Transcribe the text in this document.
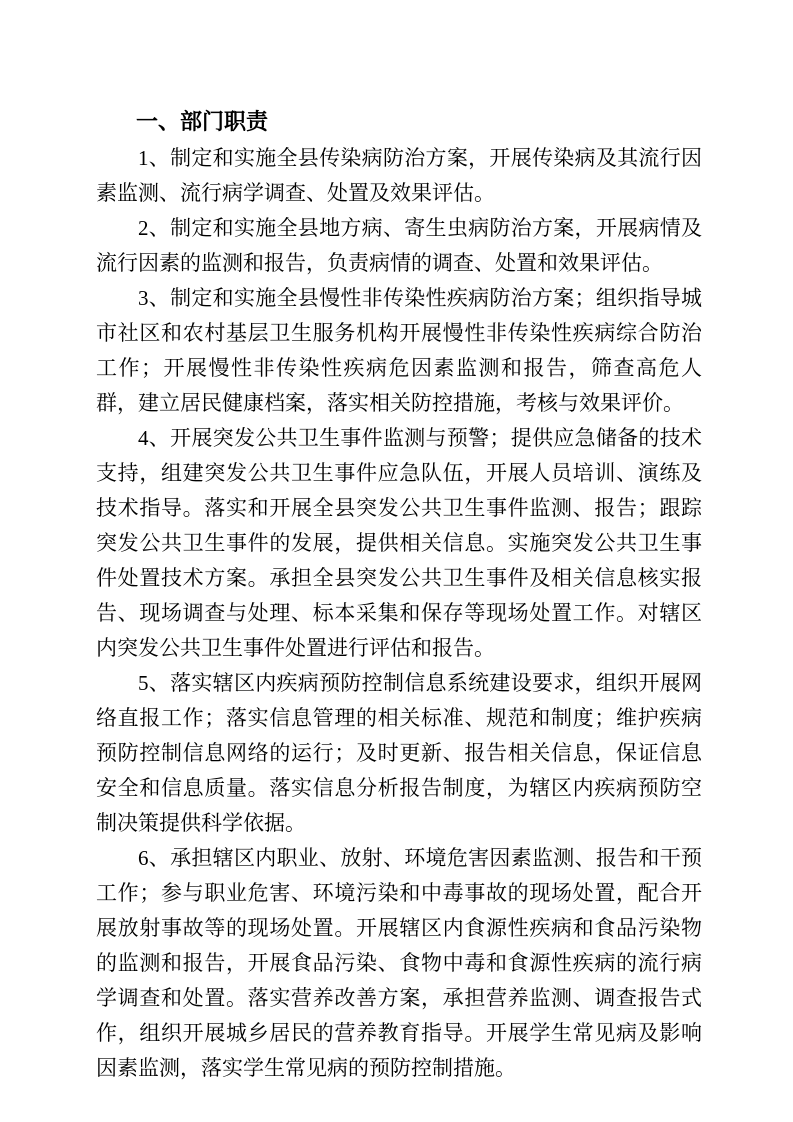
一、部门职责

1、制定和实施全县传染病防治方案，开展传染病及其流行因素监测、流行病学调查、处置及效果评估。

2、制定和实施全县地方病、寄生虫病防治方案，开展病情及流行因素的监测和报告，负责病情的调查、处置和效果评估。

3、制定和实施全县慢性非传染性疾病防治方案；组织指导城市社区和农村基层卫生服务机构开展慢性非传染性疾病综合防治工作；开展慢性非传染性疾病危因素监测和报告，筛查高危人群，建立居民健康档案，落实相关防控措施，考核与效果评价。

4、开展突发公共卫生事件监测与预警；提供应急储备的技术支持，组建突发公共卫生事件应急队伍，开展人员培训、演练及技术指导。落实和开展全县突发公共卫生事件监测、报告；跟踪突发公共卫生事件的发展，提供相关信息。实施突发公共卫生事件处置技术方案。承担全县突发公共卫生事件及相关信息核实报告、现场调查与处理、标本采集和保存等现场处置工作。对辖区内突发公共卫生事件处置进行评估和报告。

5、落实辖区内疾病预防控制信息系统建设要求，组织开展网络直报工作；落实信息管理的相关标准、规范和制度；维护疾病预防控制信息网络的运行；及时更新、报告相关信息，保证信息安全和信息质量。落实信息分析报告制度，为辖区内疾病预防空制决策提供科学依据。

6、承担辖区内职业、放射、环境危害因素监测、报告和干预工作；参与职业危害、环境污染和中毒事故的现场处置，配合开展放射事故等的现场处置。开展辖区内食源性疾病和食品污染物的监测和报告，开展食品污染、食物中毒和食源性疾病的流行病学调查和处置。落实营养改善方案，承担营养监测、调查报告式作，组织开展城乡居民的营养教育指导。开展学生常见病及影响因素监测，落实学生常见病的预防控制措施。
